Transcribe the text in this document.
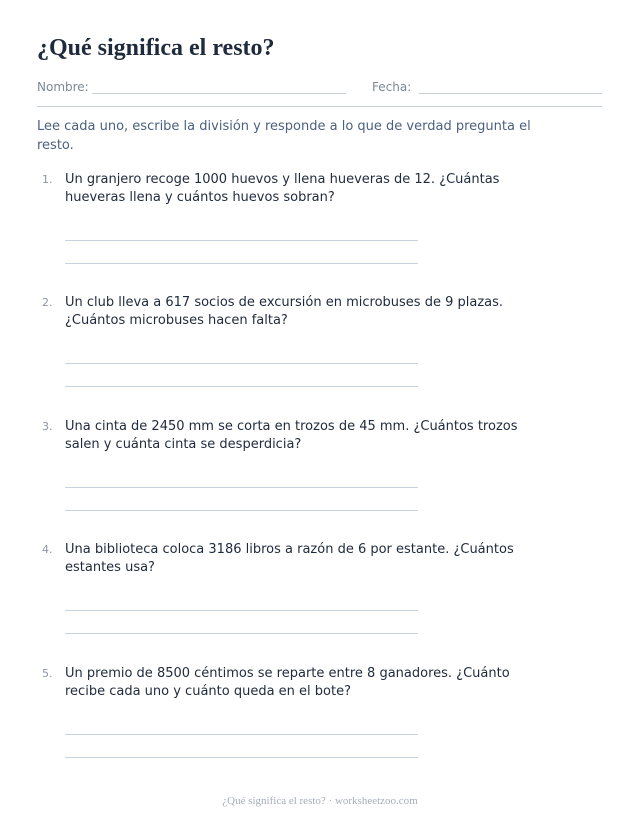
¿Qué significa el resto?
Nombre:	Fecha:

Lee cada uno, escribe la división y responde a lo que de verdad pregunta el resto.

1. Un granjero recoge 1000 huevos y llena hueveras de 12. ¿Cuántas hueveras llena y cuántos huevos sobran?

2. Un club lleva a 617 socios de excursión en microbuses de 9 plazas. ¿Cuántos microbuses hacen falta?

3. Una cinta de 2450 mm se corta en trozos de 45 mm. ¿Cuántos trozos salen y cuánta cinta se desperdicia?

4. Una biblioteca coloca 3186 libros a razón de 6 por estante. ¿Cuántos estantes usa?

5. Un premio de 8500 céntimos se reparte entre 8 ganadores. ¿Cuánto recibe cada uno y cuánto queda en el bote?

¿Qué significa el resto? · worksheetzoo.com
